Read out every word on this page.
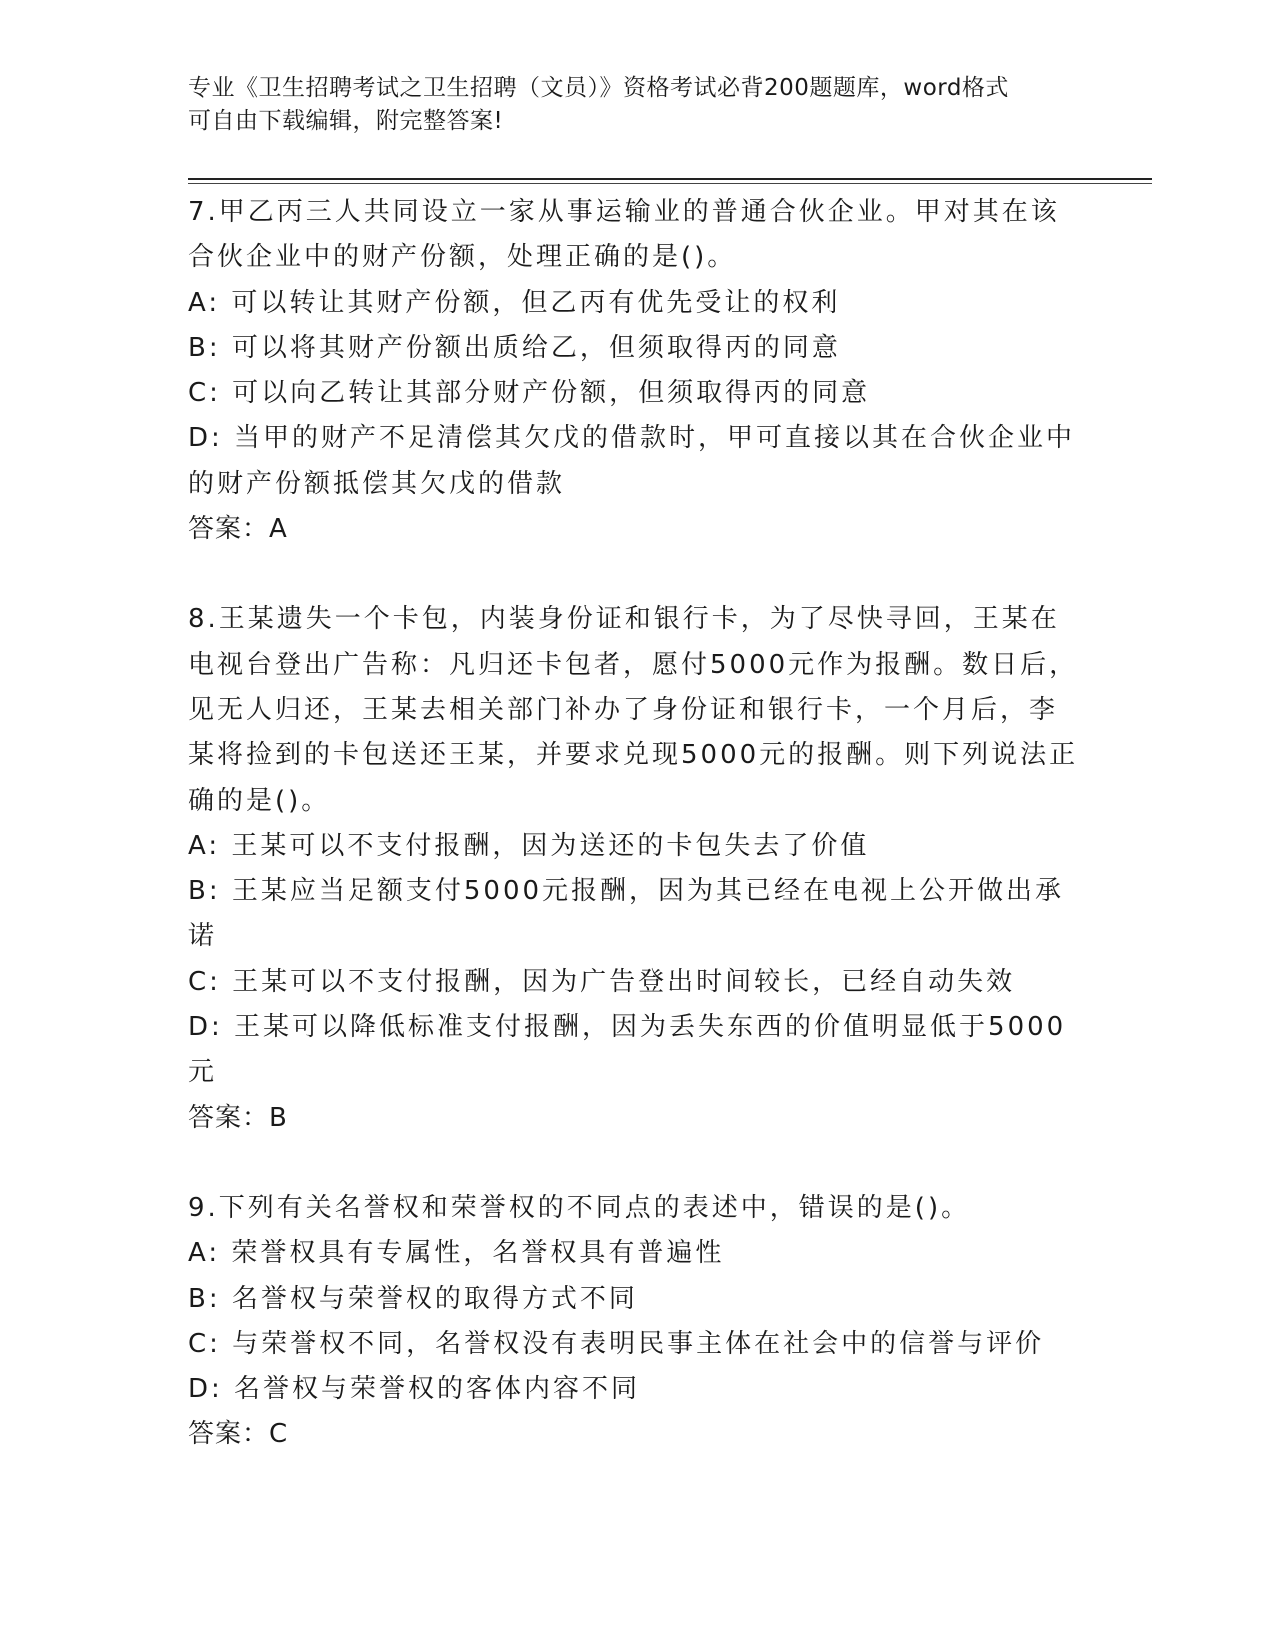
专业《卫生招聘考试之卫生招聘（文员）》资格考试必背200题题库，word格式
可自由下载编辑，附完整答案!

7.甲乙丙三人共同设立一家从事运输业的普通合伙企业。甲对其在该

合伙企业中的财产份额，处理正确的是()。

A: 可以转让其财产份额，但乙丙有优先受让的权利

B: 可以将其财产份额出质给乙，但须取得丙的同意

C: 可以向乙转让其部分财产份额，但须取得丙的同意

D: 当甲的财产不足清偿其欠戊的借款时，甲可直接以其在合伙企业中

的财产份额抵偿其欠戊的借款

答案：A

8.王某遗失一个卡包，内装身份证和银行卡，为了尽快寻回，王某在

电视台登出广告称：凡归还卡包者，愿付5000元作为报酬。数日后，

见无人归还，王某去相关部门补办了身份证和银行卡，一个月后，李

某将捡到的卡包送还王某，并要求兑现5000元的报酬。则下列说法正

确的是()。

A: 王某可以不支付报酬，因为送还的卡包失去了价值

B: 王某应当足额支付5000元报酬，因为其已经在电视上公开做出承

诺

C: 王某可以不支付报酬，因为广告登出时间较长，已经自动失效

D: 王某可以降低标准支付报酬，因为丢失东西的价值明显低于5000

元

答案：B

9.下列有关名誉权和荣誉权的不同点的表述中，错误的是()。

A: 荣誉权具有专属性，名誉权具有普遍性

B: 名誉权与荣誉权的取得方式不同

C: 与荣誉权不同，名誉权没有表明民事主体在社会中的信誉与评价

D: 名誉权与荣誉权的客体内容不同

答案：C
